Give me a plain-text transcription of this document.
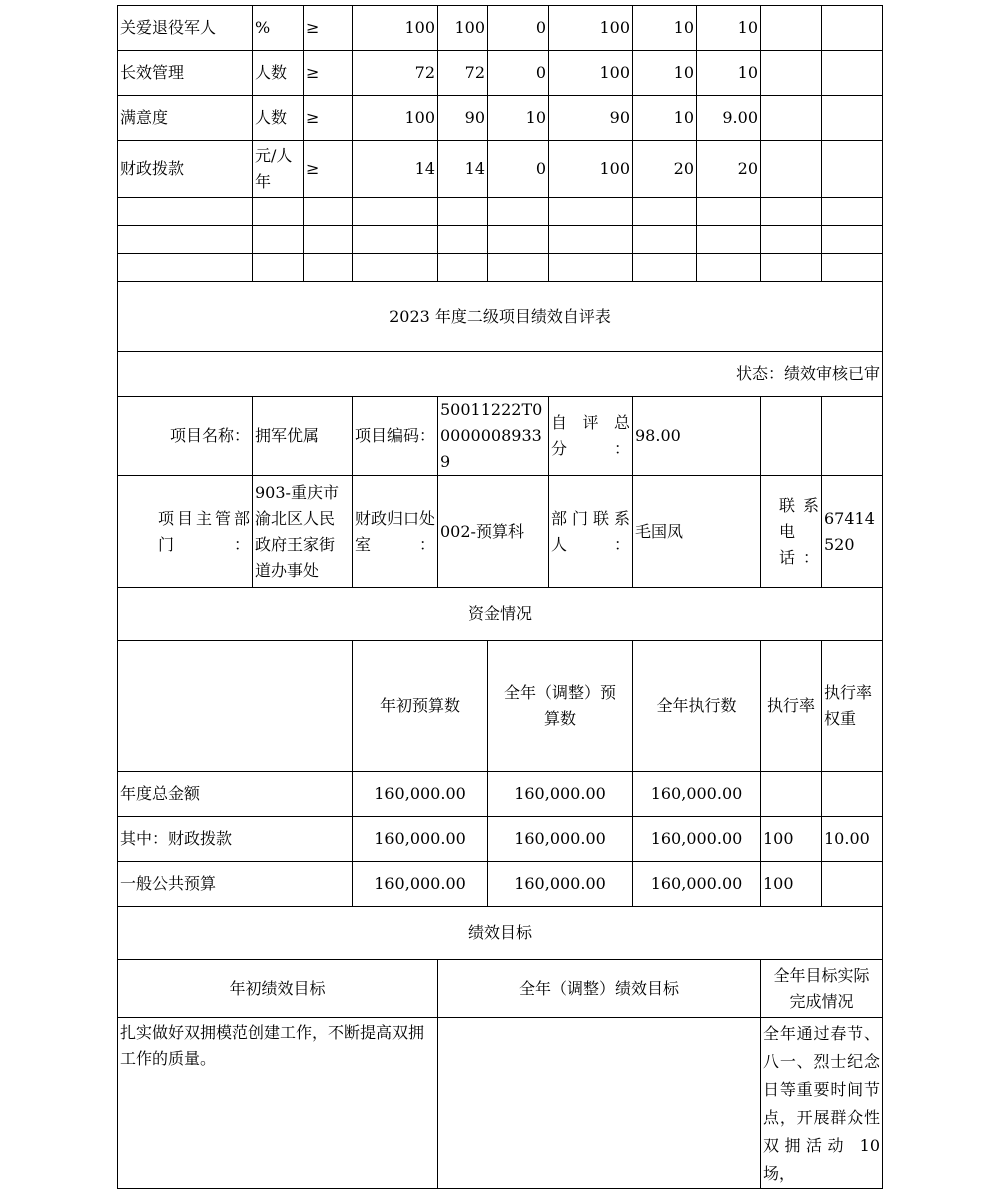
关爱退役军人	%	≥	100	100	0	100	10	10			
长效管理	人数	≥	72	72	0	100	10	10			
满意度	人数	≥	100	90	10	90	10	9.00			
财政拨款	元/人年	≥	14	14	0	100	20	20			

2023 年度二级项目绩效自评表											
状态：绩效审核已审											
项目名称：	拥军优属		项目编码：	50011222T000000089339		自评总分：	98.00				
项目主管部门：	903-重庆市渝北区人民政府王家街道办事处		财政归口处室：	002-预算科		部门联系人：	毛国凤		联系电话：	67414520	
资金情况											
			年初预算数		全年（调整）预算数		全年执行数		执行率	执行率权重	
年度总金额			160,000.00		160,000.00		160,000.00				
其中：财政拨款			160,000.00		160,000.00		160,000.00		100	10.00	
一般公共预算			160,000.00		160,000.00		160,000.00		100		
绩效目标											
年初绩效目标				全年（调整）绩效目标					全年目标实际完成情况		
扎实做好双拥模范创建工作，不断提高双拥工作的质量。									全年通过春节、八一、烈士纪念日等重要时间节点，开展群众性双拥活动 10 场，		
